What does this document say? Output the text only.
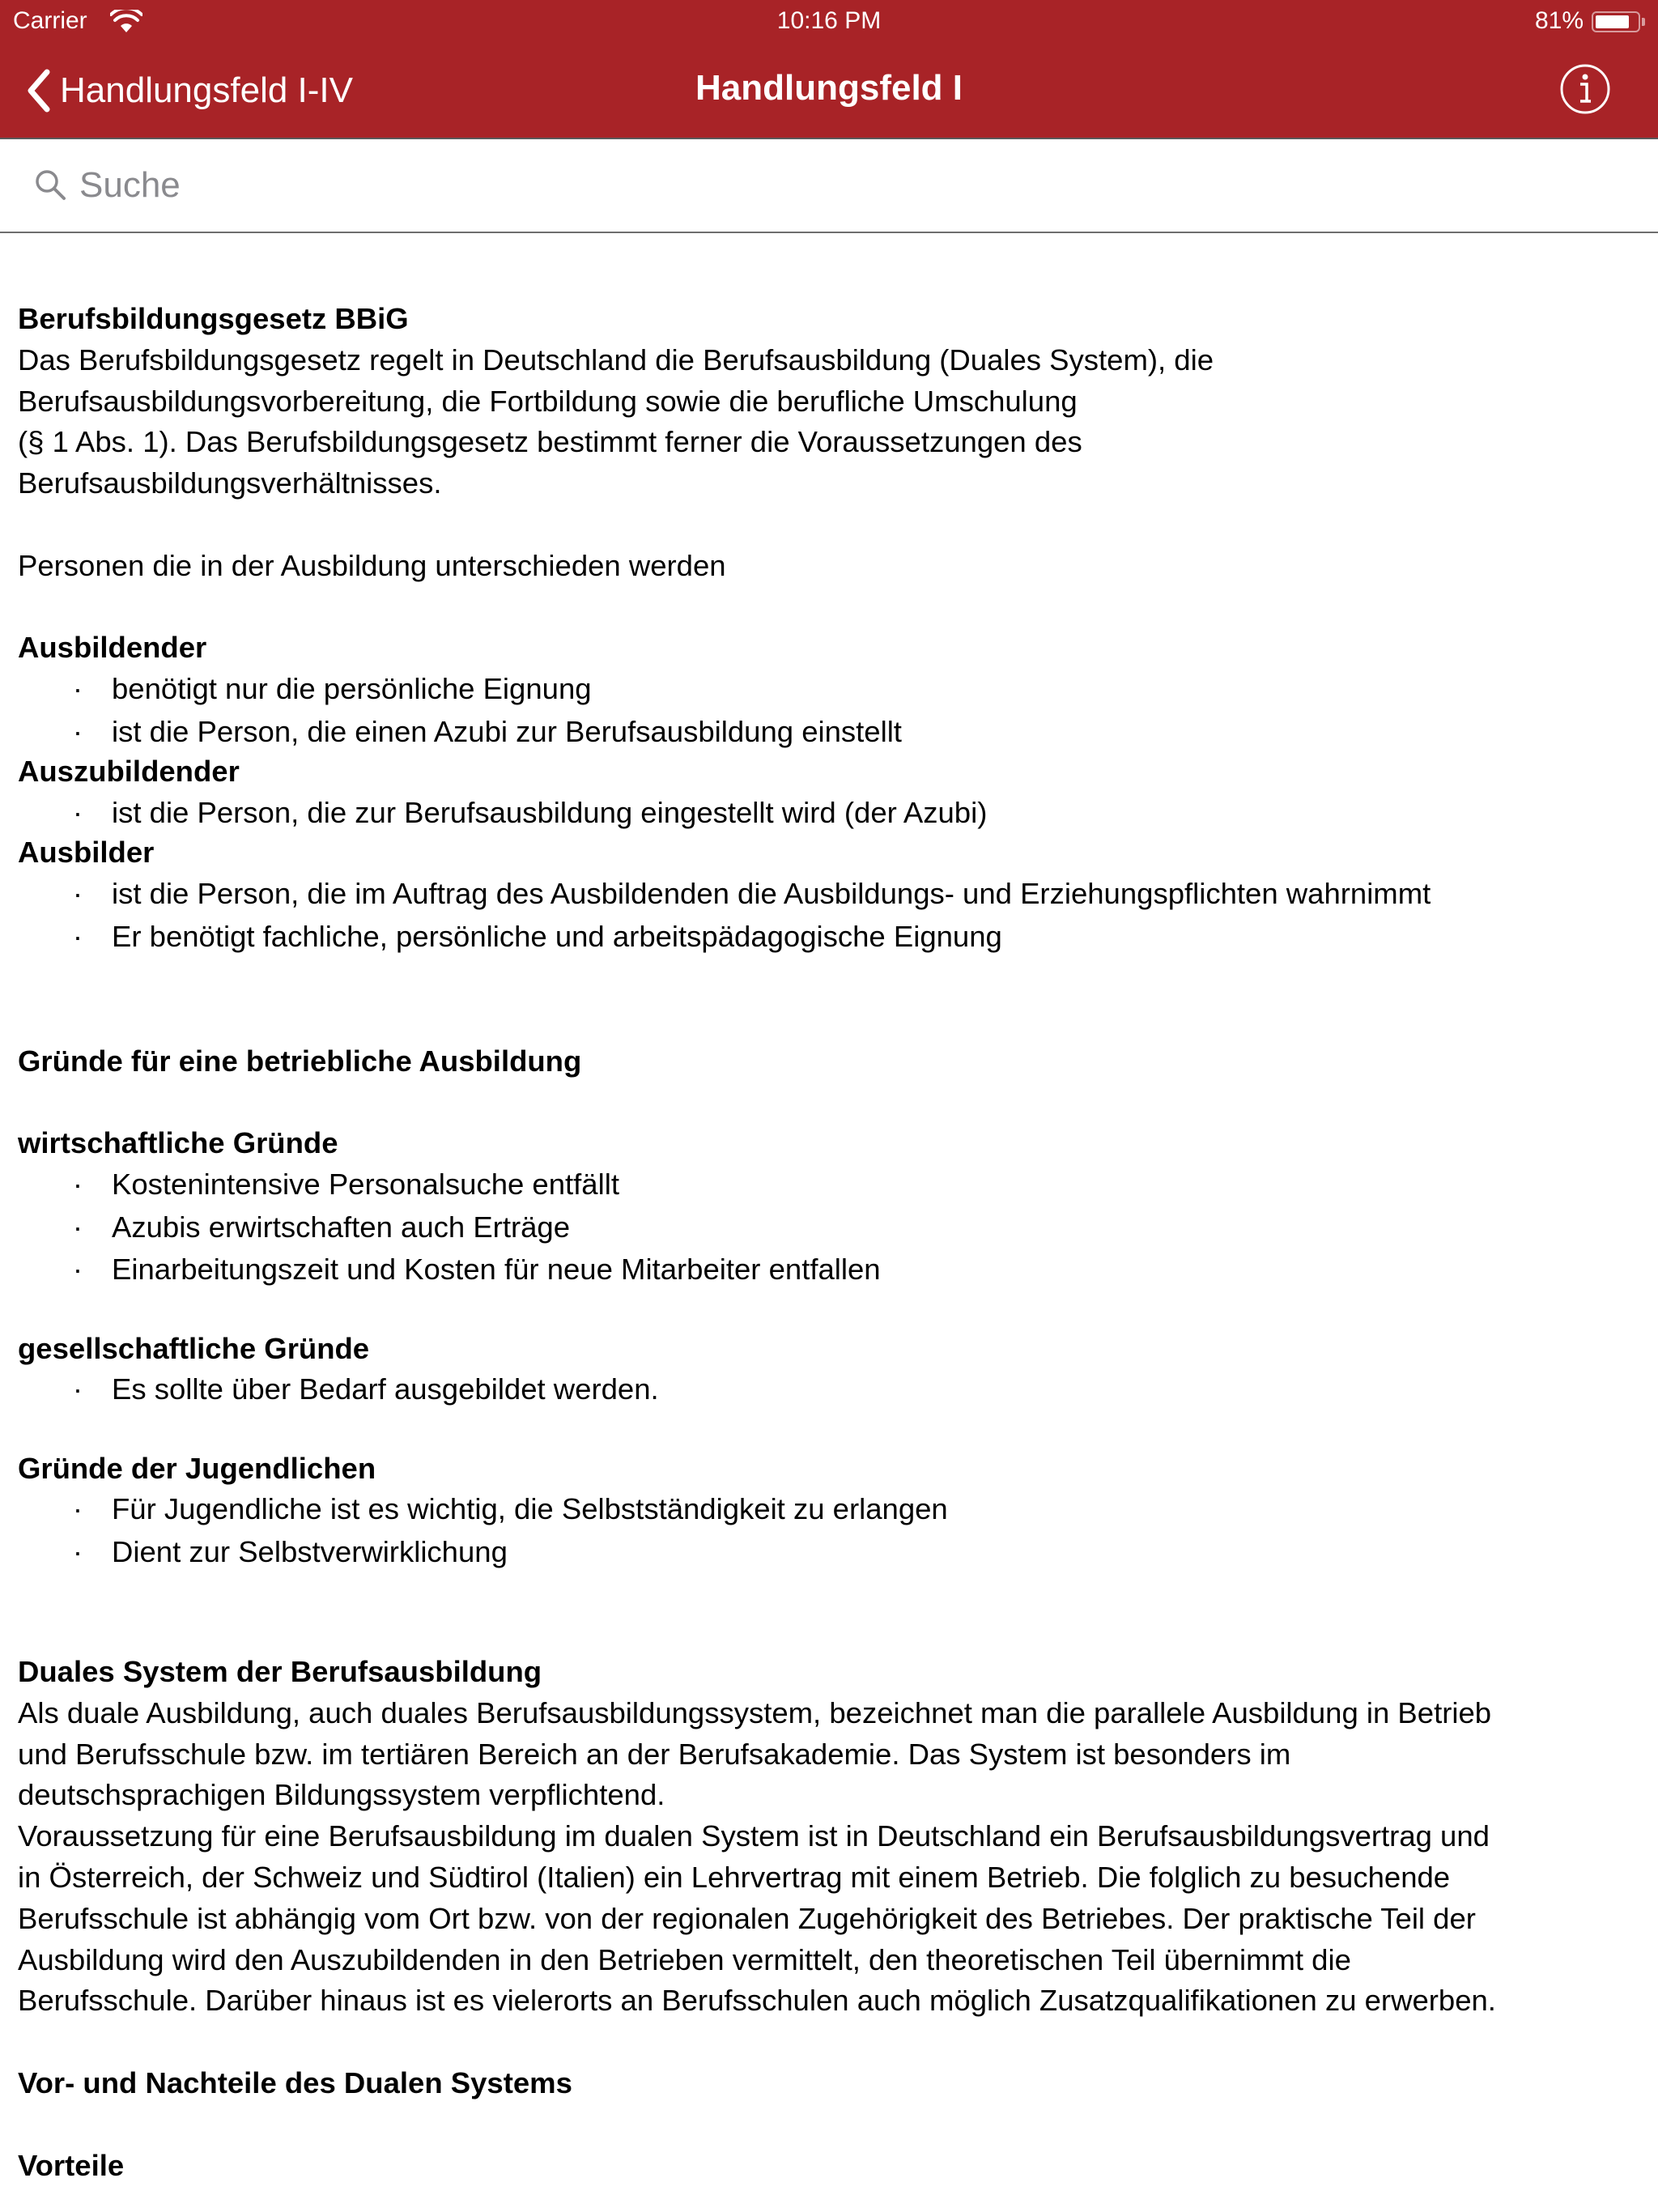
Carrier	10:16 PM	81%
Handlungsfeld I-IV	Handlungsfeld I
Suche
Berufsbildungsgesetz BBiG
Das Berufsbildungsgesetz regelt in Deutschland die Berufsausbildung (Duales System), die
Berufsausbildungsvorbereitung, die Fortbildung sowie die berufliche Umschulung
(§ 1 Abs. 1). Das Berufsbildungsgesetz bestimmt ferner die Voraussetzungen des
Berufsausbildungsverhältnisses.
Personen die in der Ausbildung unterschieden werden
Ausbildender
· benötigt nur die persönliche Eignung
· ist die Person, die einen Azubi zur Berufsausbildung einstellt
Auszubildender
· ist die Person, die zur Berufsausbildung eingestellt wird (der Azubi)
Ausbilder
· ist die Person, die im Auftrag des Ausbildenden die Ausbildungs- und Erziehungspflichten wahrnimmt
· Er benötigt fachliche, persönliche und arbeitspädagogische Eignung
Gründe für eine betriebliche Ausbildung
wirtschaftliche Gründe
· Kostenintensive Personalsuche entfällt
· Azubis erwirtschaften auch Erträge
· Einarbeitungszeit und Kosten für neue Mitarbeiter entfallen
gesellschaftliche Gründe
· Es sollte über Bedarf ausgebildet werden.
Gründe der Jugendlichen
· Für Jugendliche ist es wichtig, die Selbstständigkeit zu erlangen
· Dient zur Selbstverwirklichung
Duales System der Berufsausbildung
Als duale Ausbildung, auch duales Berufsausbildungssystem, bezeichnet man die parallele Ausbildung in Betrieb
und Berufsschule bzw. im tertiären Bereich an der Berufsakademie. Das System ist besonders im
deutschsprachigen Bildungssystem verpflichtend.
Voraussetzung für eine Berufsausbildung im dualen System ist in Deutschland ein Berufsausbildungsvertrag und
in Österreich, der Schweiz und Südtirol (Italien) ein Lehrvertrag mit einem Betrieb. Die folglich zu besuchende
Berufsschule ist abhängig vom Ort bzw. von der regionalen Zugehörigkeit des Betriebes. Der praktische Teil der
Ausbildung wird den Auszubildenden in den Betrieben vermittelt, den theoretischen Teil übernimmt die
Berufsschule. Darüber hinaus ist es vielerorts an Berufsschulen auch möglich Zusatzqualifikationen zu erwerben.
Vor- und Nachteile des Dualen Systems
Vorteile
